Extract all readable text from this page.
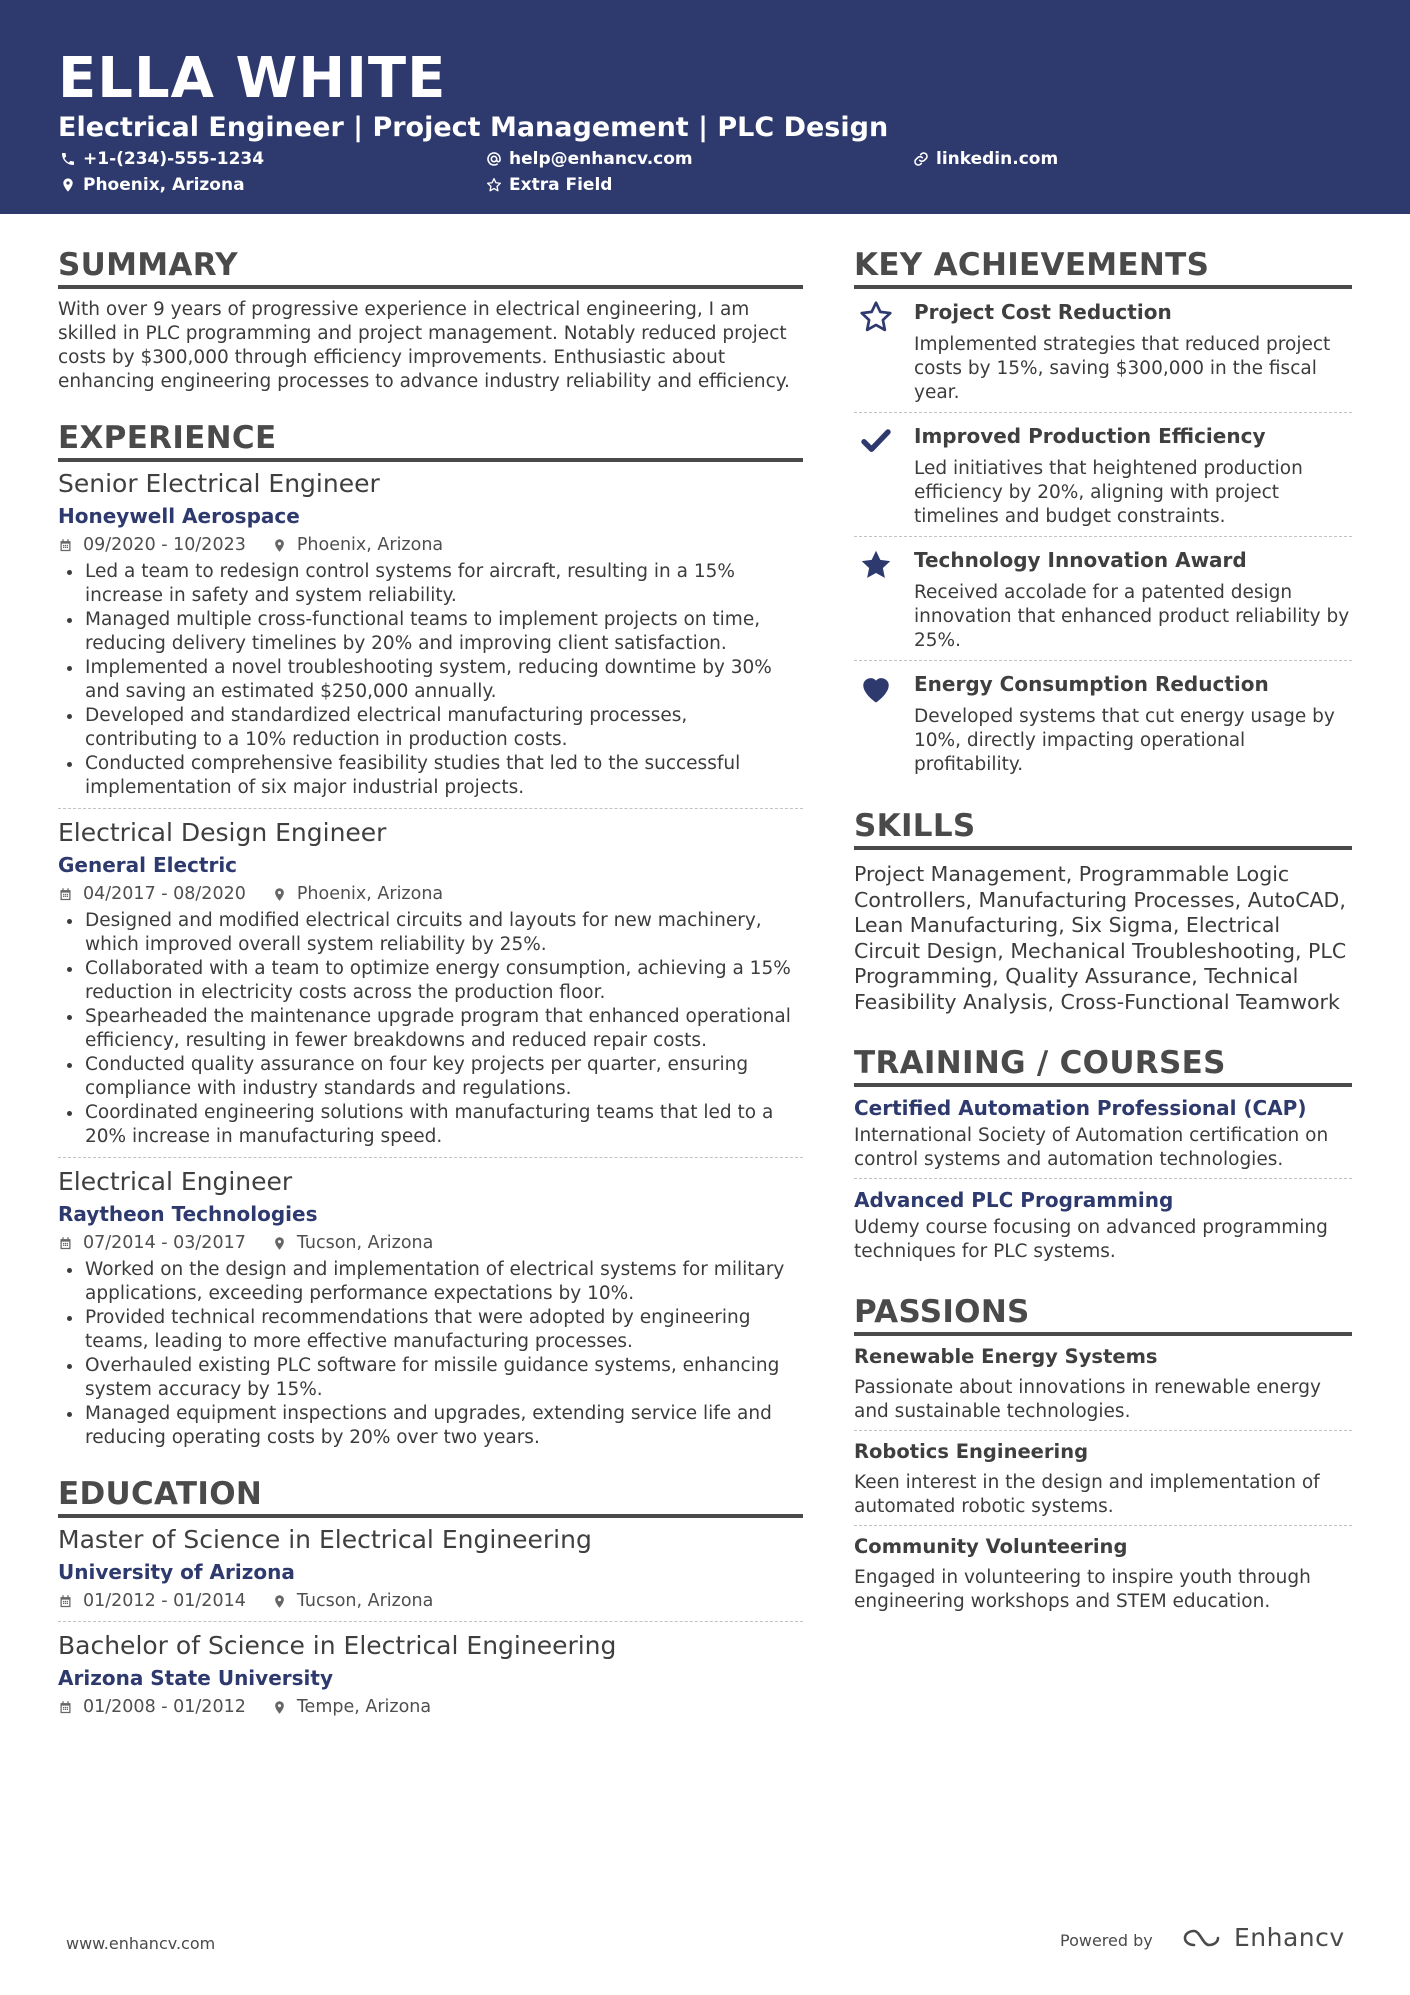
ELLA WHITE
Electrical Engineer | Project Management | PLC Design
+1-(234)-555-1234	help@enhancv.com	linkedin.com
Phoenix, Arizona	Extra Field
SUMMARY
With over 9 years of progressive experience in electrical engineering, I am skilled in PLC programming and project management. Notably reduced project costs by $300,000 through efficiency improvements. Enthusiastic about enhancing engineering processes to advance industry reliability and efficiency.
EXPERIENCE
Senior Electrical Engineer
Honeywell Aerospace
09/2020 - 10/2023	Phoenix, Arizona
Led a team to redesign control systems for aircraft, resulting in a 15% increase in safety and system reliability.
Managed multiple cross-functional teams to implement projects on time, reducing delivery timelines by 20% and improving client satisfaction.
Implemented a novel troubleshooting system, reducing downtime by 30% and saving an estimated $250,000 annually.
Developed and standardized electrical manufacturing processes, contributing to a 10% reduction in production costs.
Conducted comprehensive feasibility studies that led to the successful implementation of six major industrial projects.
Electrical Design Engineer
General Electric
04/2017 - 08/2020	Phoenix, Arizona
Designed and modified electrical circuits and layouts for new machinery, which improved overall system reliability by 25%.
Collaborated with a team to optimize energy consumption, achieving a 15% reduction in electricity costs across the production floor.
Spearheaded the maintenance upgrade program that enhanced operational efficiency, resulting in fewer breakdowns and reduced repair costs.
Conducted quality assurance on four key projects per quarter, ensuring compliance with industry standards and regulations.
Coordinated engineering solutions with manufacturing teams that led to a 20% increase in manufacturing speed.
Electrical Engineer
Raytheon Technologies
07/2014 - 03/2017	Tucson, Arizona
Worked on the design and implementation of electrical systems for military applications, exceeding performance expectations by 10%.
Provided technical recommendations that were adopted by engineering teams, leading to more effective manufacturing processes.
Overhauled existing PLC software for missile guidance systems, enhancing system accuracy by 15%.
Managed equipment inspections and upgrades, extending service life and reducing operating costs by 20% over two years.
EDUCATION
Master of Science in Electrical Engineering
University of Arizona
01/2012 - 01/2014	Tucson, Arizona
Bachelor of Science in Electrical Engineering
Arizona State University
01/2008 - 01/2012	Tempe, Arizona
KEY ACHIEVEMENTS
Project Cost Reduction
Implemented strategies that reduced project costs by 15%, saving $300,000 in the fiscal year.
Improved Production Efficiency
Led initiatives that heightened production efficiency by 20%, aligning with project timelines and budget constraints.
Technology Innovation Award
Received accolade for a patented design innovation that enhanced product reliability by 25%.
Energy Consumption Reduction
Developed systems that cut energy usage by 10%, directly impacting operational profitability.
SKILLS
Project Management, Programmable Logic Controllers, Manufacturing Processes, AutoCAD, Lean Manufacturing, Six Sigma, Electrical Circuit Design, Mechanical Troubleshooting, PLC Programming, Quality Assurance, Technical Feasibility Analysis, Cross-Functional Teamwork
TRAINING / COURSES
Certified Automation Professional (CAP)
International Society of Automation certification on control systems and automation technologies.
Advanced PLC Programming
Udemy course focusing on advanced programming techniques for PLC systems.
PASSIONS
Renewable Energy Systems
Passionate about innovations in renewable energy and sustainable technologies.
Robotics Engineering
Keen interest in the design and implementation of automated robotic systems.
Community Volunteering
Engaged in volunteering to inspire youth through engineering workshops and STEM education.
www.enhancv.com	Powered by	Enhancv
